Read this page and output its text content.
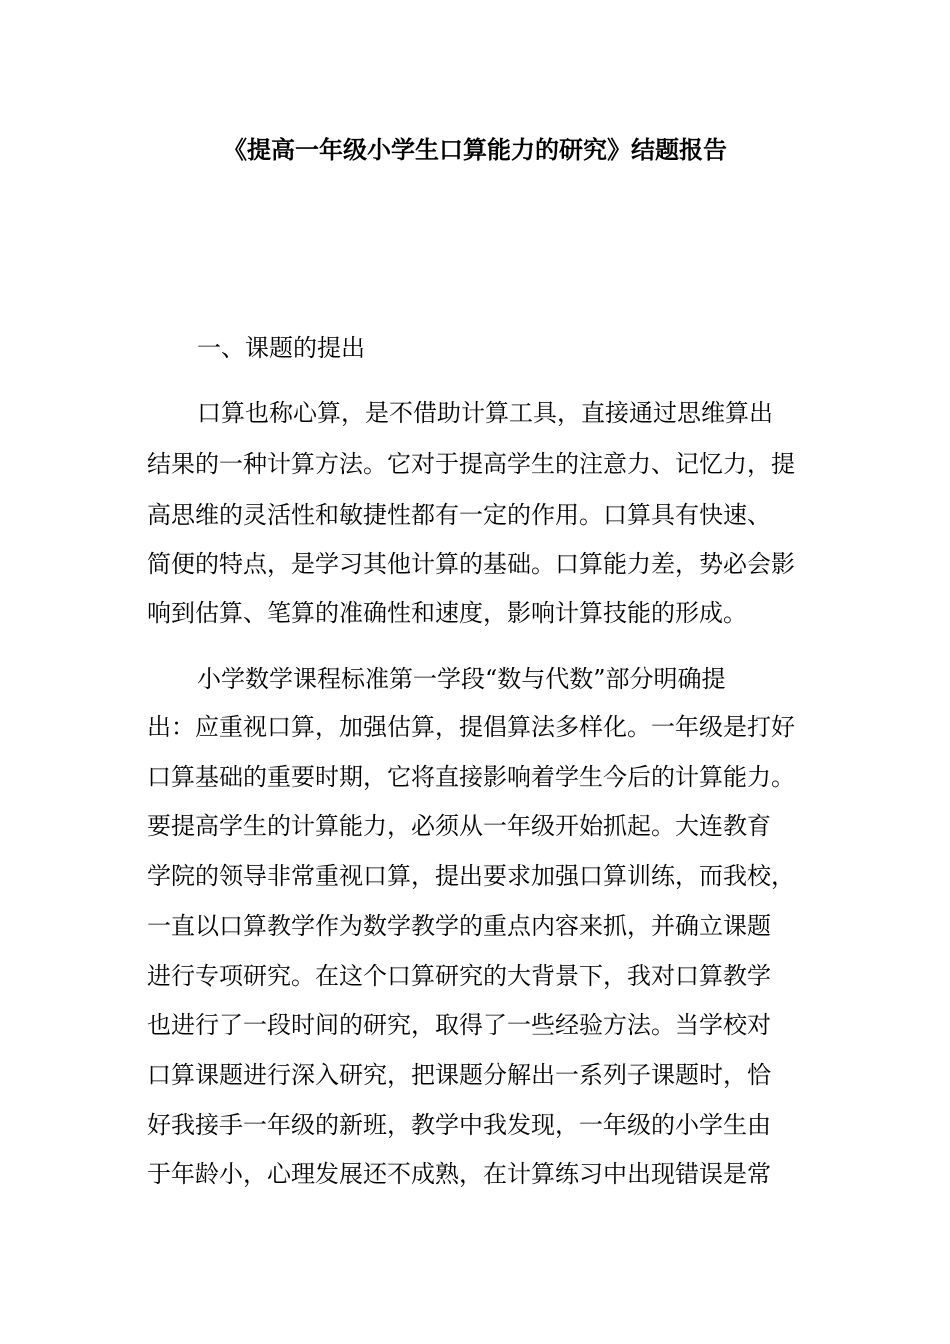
《提高一年级小学生口算能力的研究》结题报告
一、课题的提出
口算也称心算，是不借助计算工具，直接通过思维算出
结果的一种计算方法。它对于提高学生的注意力、记忆力，提
高思维的灵活性和敏捷性都有一定的作用。口算具有快速、
简便的特点，是学习其他计算的基础。口算能力差，势必会影
响到估算、笔算的准确性和速度，影响计算技能的形成。
小学数学课程标准第一学段“数与代数”部分明确提
出：应重视口算，加强估算，提倡算法多样化。一年级是打好
口算基础的重要时期，它将直接影响着学生今后的计算能力。
要提高学生的计算能力，必须从一年级开始抓起。大连教育
学院的领导非常重视口算，提出要求加强口算训练，而我校，
一直以口算教学作为数学教学的重点内容来抓，并确立课题
进行专项研究。在这个口算研究的大背景下，我对口算教学
也进行了一段时间的研究，取得了一些经验方法。当学校对
口算课题进行深入研究，把课题分解出一系列子课题时，恰
好我接手一年级的新班，教学中我发现，一年级的小学生由
于年龄小，心理发展还不成熟，在计算练习中出现错误是常
